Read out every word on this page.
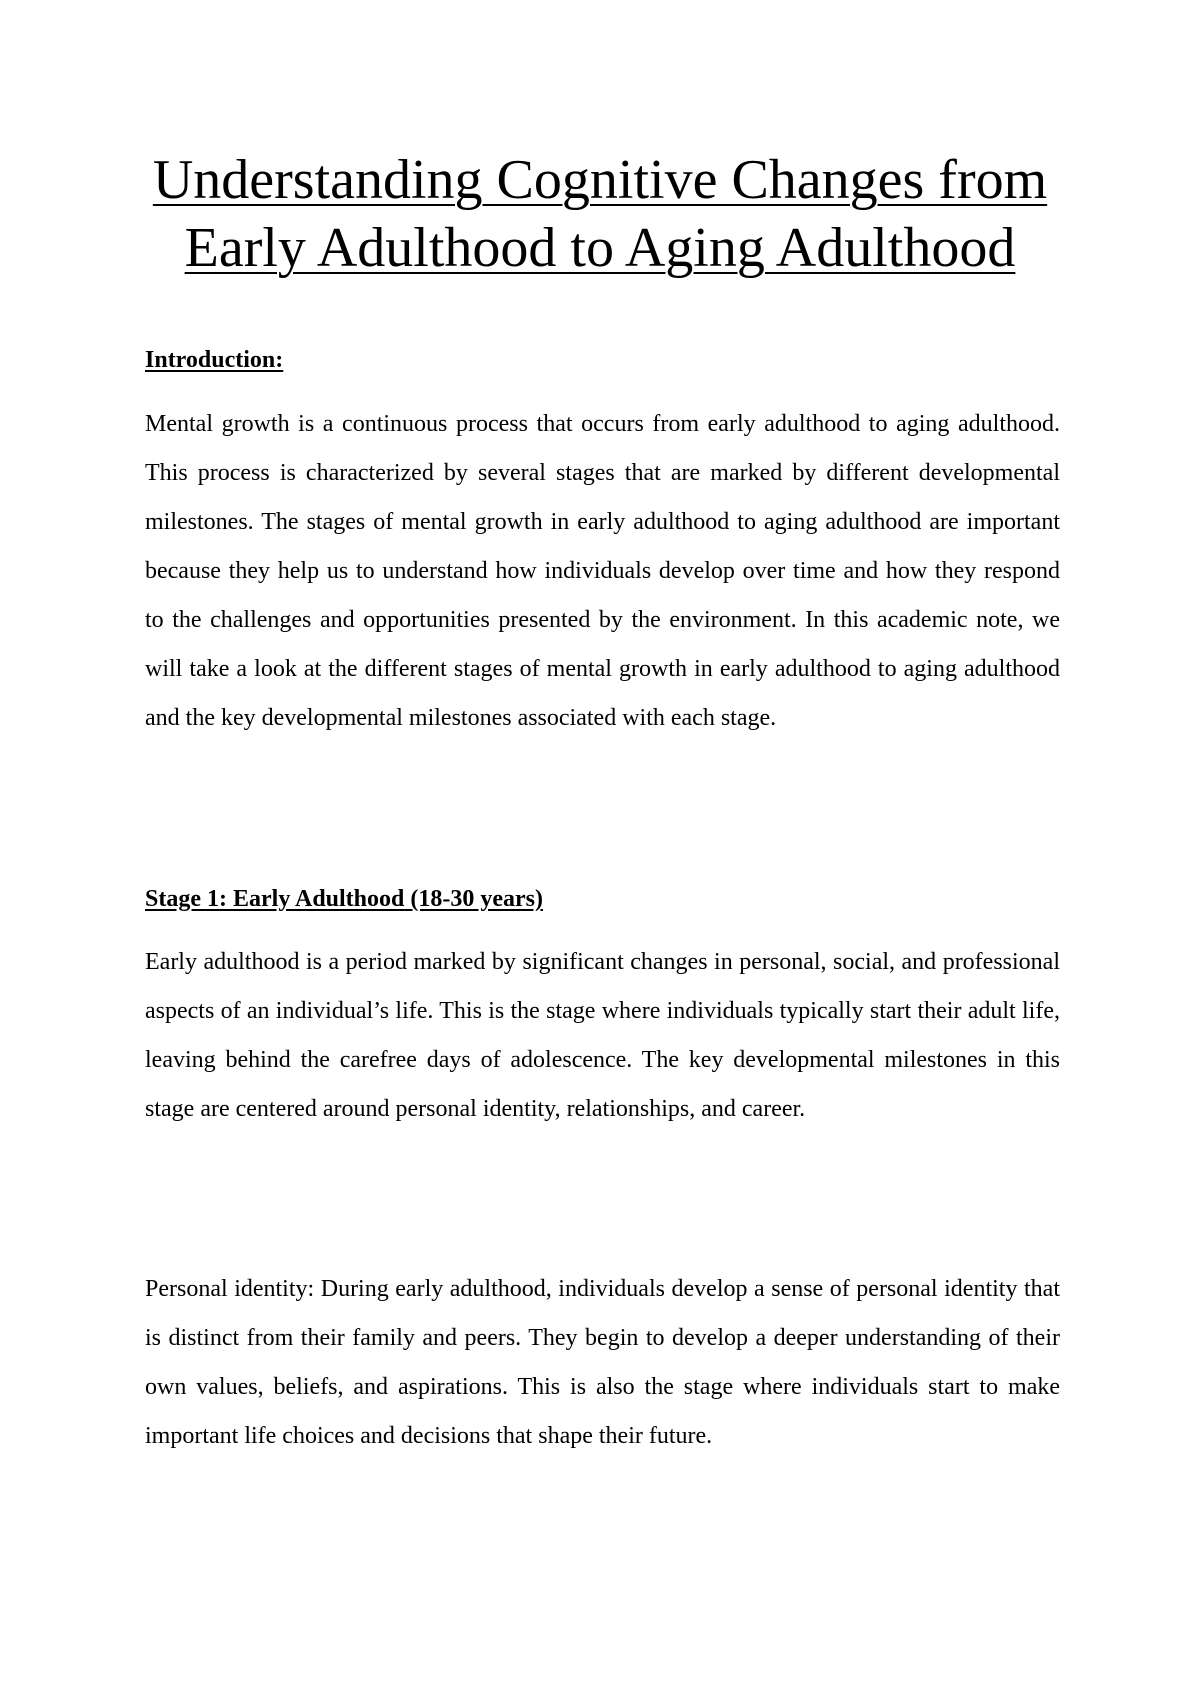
Understanding Cognitive Changes from Early Adulthood to Aging Adulthood
Introduction:

Mental growth is a continuous process that occurs from early adulthood to aging adulthood. This process is characterized by several stages that are marked by different developmental milestones. The stages of mental growth in early adulthood to aging adulthood are important because they help us to understand how individuals develop over time and how they respond to the challenges and opportunities presented by the environment. In this academic note, we will take a look at the different stages of mental growth in early adulthood to aging adulthood and the key developmental milestones associated with each stage.

Stage 1: Early Adulthood (18-30 years)

Early adulthood is a period marked by significant changes in personal, social, and professional aspects of an individual’s life. This is the stage where individuals typically start their adult life, leaving behind the carefree days of adolescence. The key developmental milestones in this stage are centered around personal identity, relationships, and career.

Personal identity: During early adulthood, individuals develop a sense of personal identity that is distinct from their family and peers. They begin to develop a deeper understanding of their own values, beliefs, and aspirations. This is also the stage where individuals start to make important life choices and decisions that shape their future.
